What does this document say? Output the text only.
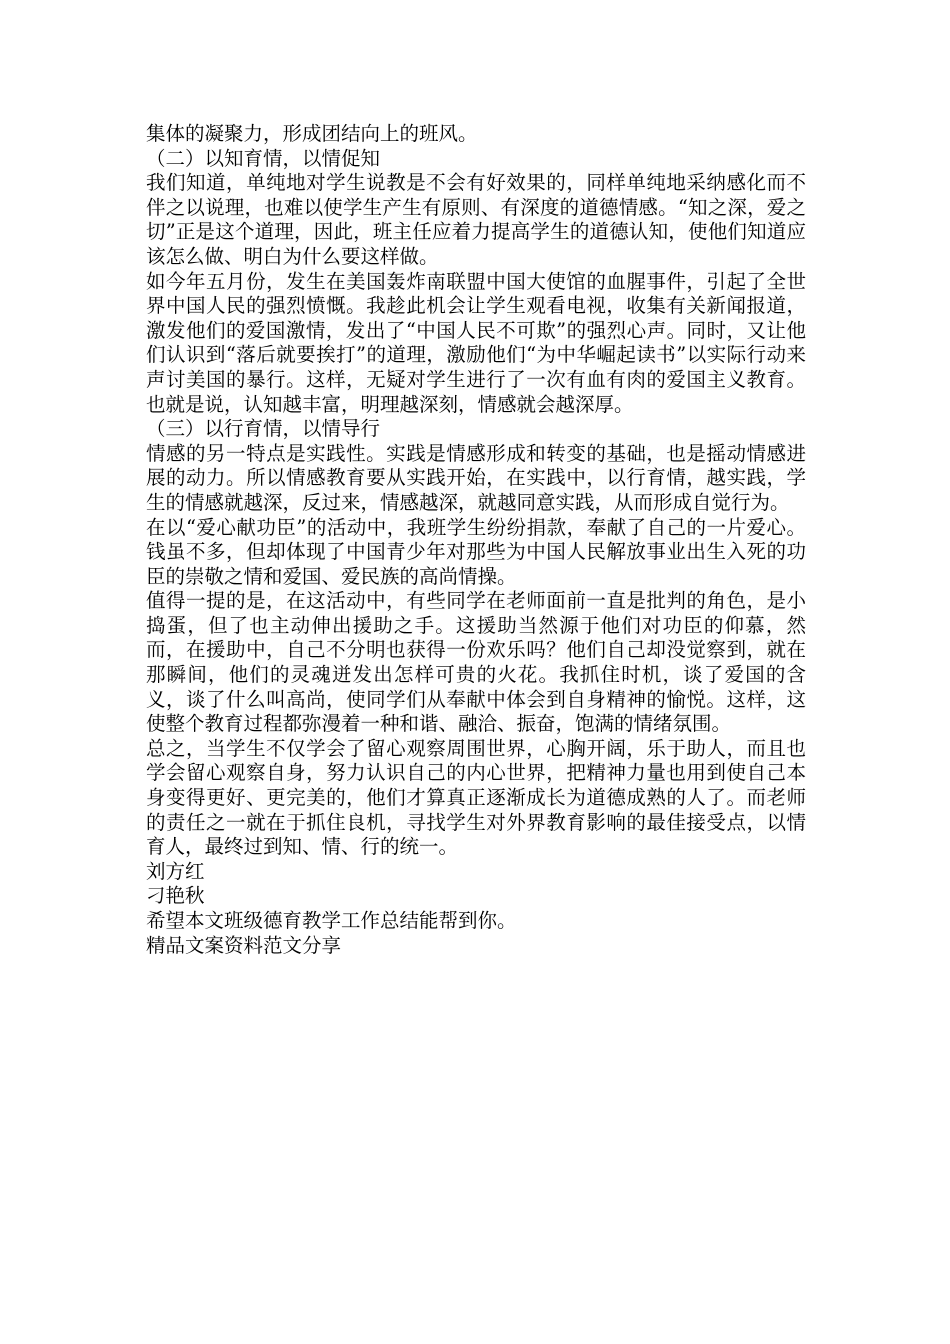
集体的凝聚力，形成团结向上的班风。

（二）以知育情，以情促知

我们知道，单纯地对学生说教是不会有好效果的，同样单纯地采纳感化而不伴之以说理，也难以使学生产生有原则、有深度的道德情感。“知之深，爱之切”正是这个道理，因此，班主任应着力提高学生的道德认知，使他们知道应该怎么做、明白为什么要这样做。

如今年五月份，发生在美国轰炸南联盟中国大使馆的血腥事件，引起了全世界中国人民的强烈愤慨。我趁此机会让学生观看电视，收集有关新闻报道，激发他们的爱国激情，发出了“中国人民不可欺”的强烈心声。同时，又让他们认识到“落后就要挨打”的道理，激励他们“为中华崛起读书”以实际行动来声讨美国的暴行。这样，无疑对学生进行了一次有血有肉的爱国主义教育。也就是说，认知越丰富，明理越深刻，情感就会越深厚。

（三）以行育情，以情导行

情感的另一特点是实践性。实践是情感形成和转变的基础，也是摇动情感进展的动力。所以情感教育要从实践开始，在实践中，以行育情，越实践，学生的情感就越深，反过来，情感越深，就越同意实践，从而形成自觉行为。

在以“爱心献功臣”的活动中，我班学生纷纷捐款，奉献了自己的一片爱心。钱虽不多，但却体现了中国青少年对那些为中国人民解放事业出生入死的功臣的崇敬之情和爱国、爱民族的高尚情操。

值得一提的是，在这活动中，有些同学在老师面前一直是批判的角色，是小捣蛋，但了也主动伸出援助之手。这援助当然源于他们对功臣的仰慕，然而，在援助中，自己不分明也获得一份欢乐吗？他们自己却没觉察到，就在那瞬间，他们的灵魂迸发出怎样可贵的火花。我抓住时机，谈了爱国的含义，谈了什么叫高尚，使同学们从奉献中体会到自身精神的愉悦。这样，这使整个教育过程都弥漫着一种和谐、融洽、振奋，饱满的情绪氛围。

总之，当学生不仅学会了留心观察周围世界，心胸开阔，乐于助人，而且也学会留心观察自身，努力认识自己的内心世界，把精神力量也用到使自己本身变得更好、更完美的，他们才算真正逐渐成长为道德成熟的人了。而老师的责任之一就在于抓住良机，寻找学生对外界教育影响的最佳接受点，以情育人，最终过到知、情、行的统一。

刘方红

刁艳秋

希望本文班级德育教学工作总结能帮到你。

精品文案资料范文分享
